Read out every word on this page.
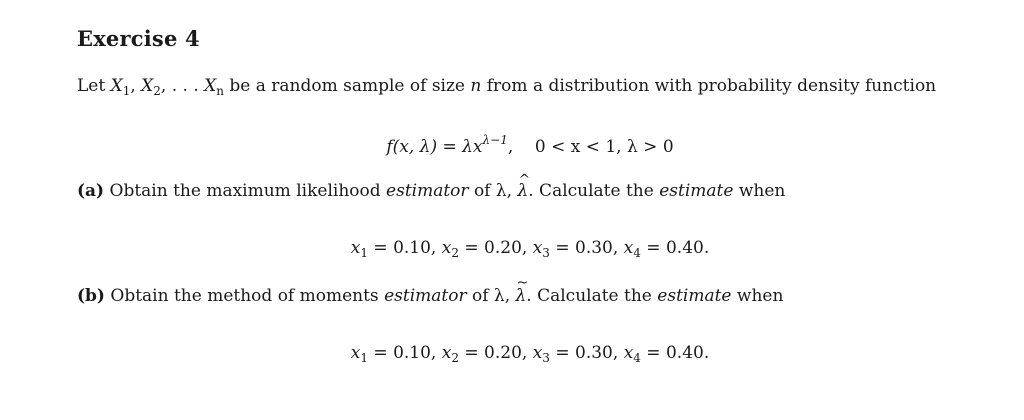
Exercise 4
Let $X_1$, $X_2$, . . . $X_n$ be a random sample of size n from a distribution with probability density function
f(x, $\lambda) = \lambda x^{\lambda-1}$, 0 < x < 1, λ > 0
(a) Obtain the maximum likelihood estimator of λ, ^ λ. Calculate the estimate when
$x_1 = 0.10$, $x_2 = 0.20$, $x_3 = 0.30$, $x_4 = 0.40$.
(b) Obtain the method of moments estimator of λ, ~ λ. Calculate the estimate when
$x_1 = 0.10$, $x_2 = 0.20$, $x_3 = 0.30$, $x_4 = 0.40$.
